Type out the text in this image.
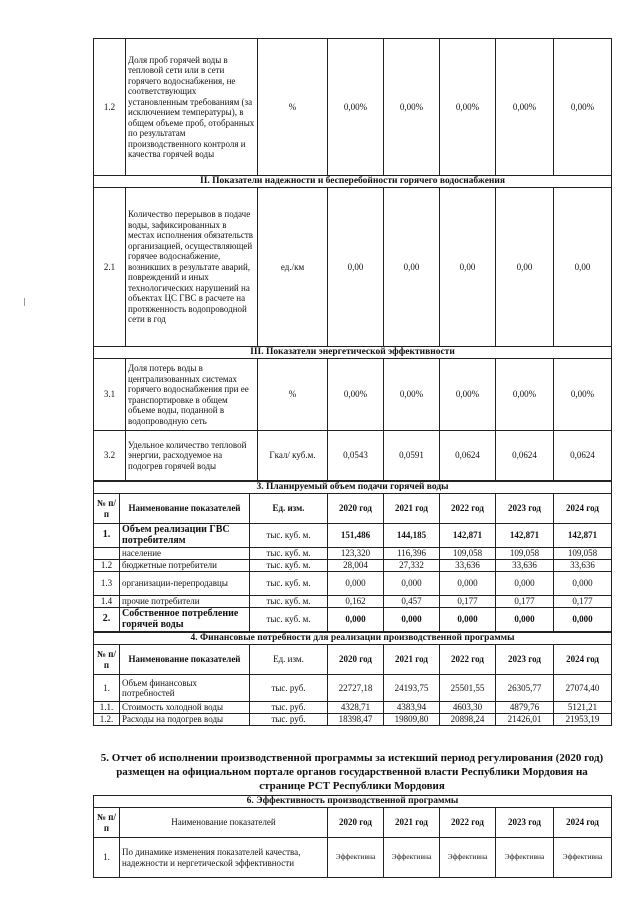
1.2	Доля проб горячей воды в тепловой сети или в сети горячего водоснабжения, не соответствующих установленным требованиям (за исключением температуры), в общем объеме проб, отобранных по результатам производственного контроля и качества горячей воды	%	0,00%	0,00%	0,00%	0,00%	0,00%
II. Показатели надежности и бесперебойности горячего водоснабжения							
2.1	Количество перерывов в подаче воды, зафиксированных в местах исполнения обязательств организацией, осуществляющей горячее водоснабжение, возникших в результате аварий, повреждений и иных технологических нарушений на объектах ЦС ГВС в расчете на протяженность водопроводной сети в год	ед./км	0,00	0,00	0,00	0,00	0,00
III. Показатели энергетической эффективности							
3.1	Доля потерь воды в централизованных системах горячего водоснабжения при ее транспортировке в общем объеме воды, поданной в водопроводную сеть	%	0,00%	0,00%	0,00%	0,00%	0,00%
3.2	Удельное количество тепловой энергии, расходуемое на подогрев горячей воды	Гкал/ куб.м.	0,0543	0,0591	0,0624	0,0624	0,0624
3. Планируемый объем подачи горячей воды							
№ п/п	Наименование показателей	Ед. изм.	2020 год	2021 год	2022 год	2023 год	2024 год
1.	Объем реализации ГВС потребителям	тыс. куб. м.	151,486	144,185	142,871	142,871	142,871
	население	тыс. куб. м.	123,320	116,396	109,058	109,058	109,058
1.2	бюджетные потребители	тыс. куб. м.	28,004	27,332	33,636	33,636	33,636
1.3	организации-перепродавцы	тыс. куб. м.	0,000	0,000	0,000	0,000	0,000
1.4	прочие потребители	тыс. куб. м.	0,162	0,457	0,177	0,177	0,177
2.	Собственное потребление горячей воды	тыс. куб. м.	0,000	0,000	0,000	0,000	0,000
4. Финансовые потребности для реализации производственной программы							
№ п/п	Наименование показателей	Ед. изм.	2020 год	2021 год	2022 год	2023 год	2024 год
1.	Объем финансовых потребностей	тыс. руб.	22727,18	24193,75	25501,55	26305,77	27074,40
1.1.	Стоимость холодной воды	тыс. руб.	4328,71	4383,94	4603,30	4879,76	5121,21
1.2.	Расходы на подогрев воды	тыс. руб.	18398,47	19809,80	20898,24	21426,01	21953,19
5. Отчет об исполнении производственной программы за истекший период регулирования (2020 год) размещен на официальном портале органов государственной власти Республики Мордовия на странице РСТ Республики Мордовия
6. Эффективность производственной программы						
№ п/п	Наименование показателей	2020 год	2021 год	2022 год	2023 год	2024 год
1.	По динамике изменения показателей качества, надежности и нергетической эффективности	Эффективна	Эффективна	Эффективна	Эффективна	Эффективна
